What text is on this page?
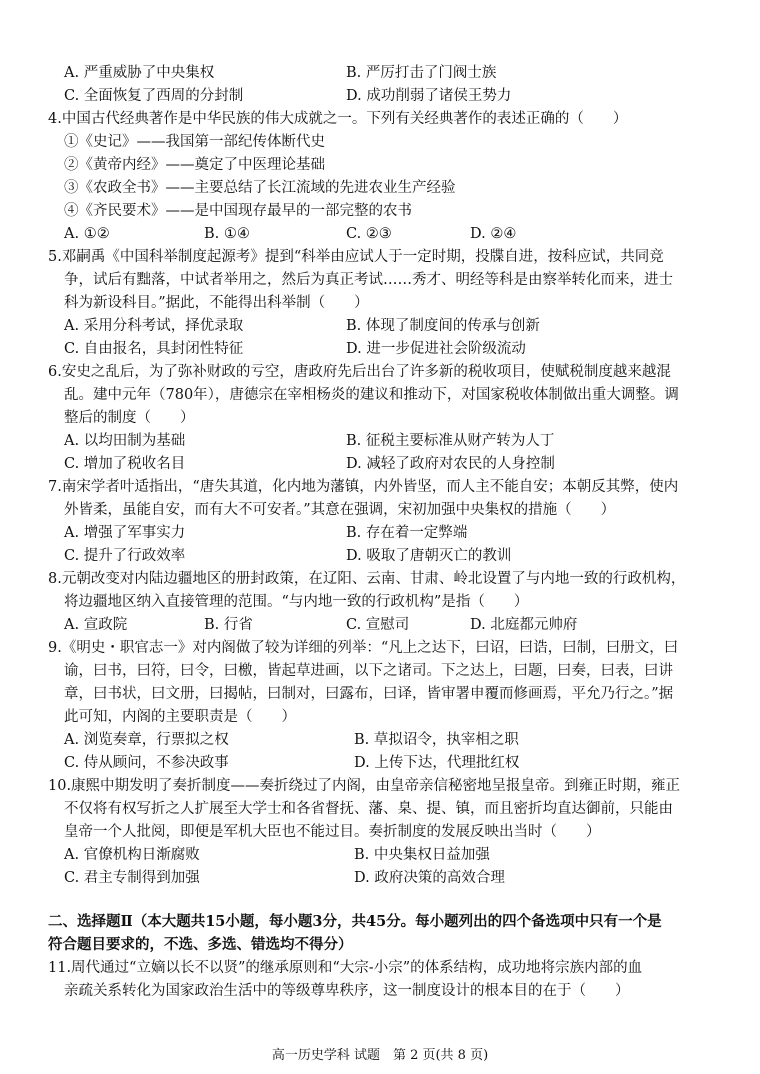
A. 严重威胁了中央集权	B. 严厉打击了门阀士族
C. 全面恢复了西周的分封制	D. 成功削弱了诸侯王势力
4.中国古代经典著作是中华民族的伟大成就之一。下列有关经典著作的表述正确的（　　）
①《史记》——我国第一部纪传体断代史
②《黄帝内经》——奠定了中医理论基础
③《农政全书》——主要总结了长江流域的先进农业生产经验
④《齐民要术》——是中国现存最早的一部完整的农书
A. ①②	B. ①④	C. ②③	D. ②④
5.邓嗣禹《中国科举制度起源考》提到“科举由应试人于一定时期，投牒自进，按科应试，共同竞
争，试后有黜落，中试者举用之，然后为真正考试……秀才、明经等科是由察举转化而来，进士
科为新设科目。”据此，不能得出科举制（　　）
A. 采用分科考试，择优录取	B. 体现了制度间的传承与创新
C. 自由报名，具封闭性特征	D. 进一步促进社会阶级流动
6.安史之乱后，为了弥补财政的亏空，唐政府先后出台了许多新的税收项目，使赋税制度越来越混
乱。建中元年（780年），唐德宗在宰相杨炎的建议和推动下，对国家税收体制做出重大调整。调
整后的制度（　　）
A. 以均田制为基础	B. 征税主要标准从财产转为人丁
C. 增加了税收名目	D. 减轻了政府对农民的人身控制
7.南宋学者叶适指出，“唐失其道，化内地为藩镇，内外皆坚，而人主不能自安；本朝反其弊，使内
外皆柔，虽能自安，而有大不可安者。”其意在强调，宋初加强中央集权的措施（　　）
A. 增强了军事实力	B. 存在着一定弊端
C. 提升了行政效率	D. 吸取了唐朝灭亡的教训
8.元朝改变对内陆边疆地区的册封政策，在辽阳、云南、甘肃、岭北设置了与内地一致的行政机构，
将边疆地区纳入直接管理的范围。“与内地一致的行政机构”是指（　　）
A. 宣政院	B. 行省	C. 宣慰司	D. 北庭都元帅府
9.《明史・职官志一》对内阁做了较为详细的列举：“凡上之达下，曰诏，曰诰，曰制，曰册文，曰
谕，曰书，曰符，曰令，曰檄，皆起草进画，以下之诸司。下之达上，曰题，曰奏，曰表，曰讲
章，曰书状，曰文册，曰揭帖，曰制对，曰露布，曰译，皆审署申覆而修画焉，平允乃行之。”据
此可知，内阁的主要职责是（　　）
A. 浏览奏章，行票拟之权	B. 草拟诏令，执宰相之职
C. 侍从顾问，不参决政事	D. 上传下达，代理批红权
10.康熙中期发明了奏折制度——奏折绕过了内阁，由皇帝亲信秘密地呈报皇帝。到雍正时期，雍正
不仅将有权写折之人扩展至大学士和各省督抚、藩、臬、提、镇，而且密折均直达御前，只能由
皇帝一个人批阅，即便是军机大臣也不能过目。奏折制度的发展反映出当时（　　）
A. 官僚机构日渐腐败	B. 中央集权日益加强
C. 君主专制得到加强	D. 政府决策的高效合理
二、选择题Ⅱ（本大题共15小题，每小题3分，共45分。每小题列出的四个备选项中只有一个是
符合题目要求的，不选、多选、错选均不得分）
11.周代通过“立嫡以长不以贤”的继承原则和“大宗-小宗”的体系结构，成功地将宗族内部的血
亲疏关系转化为国家政治生活中的等级尊卑秩序，这一制度设计的根本目的在于（　　）
高一历史学科 试题　第 2 页(共 8 页)
